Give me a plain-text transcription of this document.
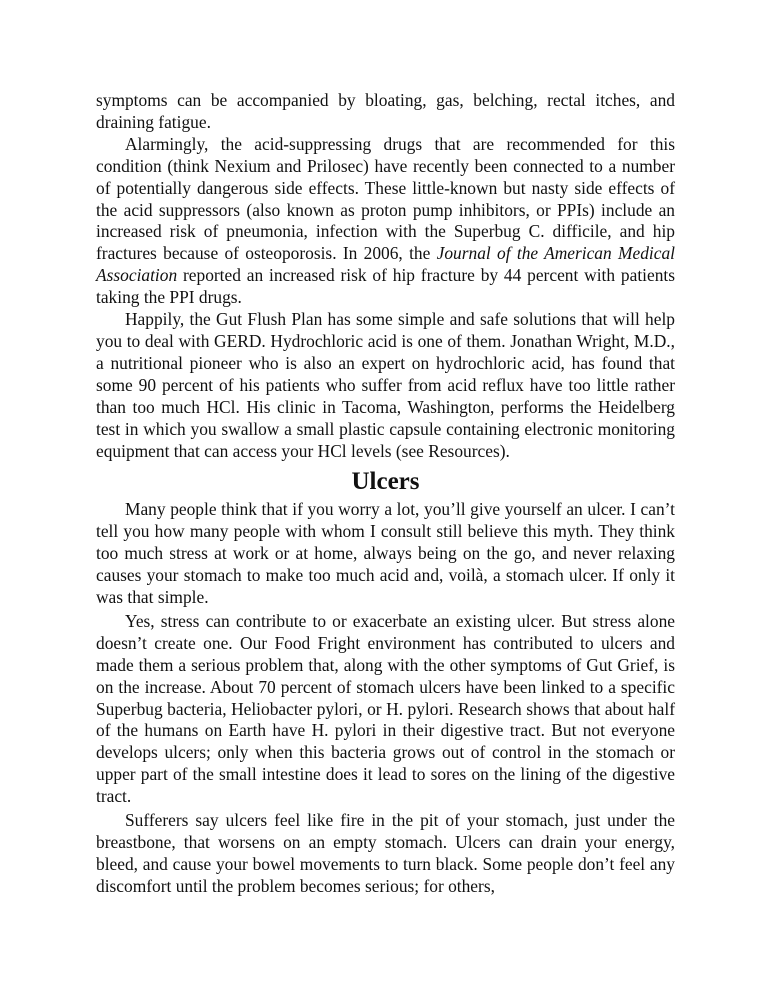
symptoms can be accompanied by bloating, gas, belching, rectal itches, and draining fatigue.

Alarmingly, the acid-suppressing drugs that are recommended for this condition (think Nexium and Prilosec) have recently been connected to a number of potentially dangerous side effects. These little-known but nasty side effects of the acid suppressors (also known as proton pump inhibitors, or PPIs) include an increased risk of pneumonia, infection with the Superbug C. difficile, and hip fractures because of osteoporosis. In 2006, the Journal of the American Medical Association reported an increased risk of hip fracture by 44 percent with patients taking the PPI drugs.

Happily, the Gut Flush Plan has some simple and safe solutions that will help you to deal with GERD. Hydrochloric acid is one of them. Jonathan Wright, M.D., a nutritional pioneer who is also an expert on hydrochloric acid, has found that some 90 percent of his patients who suffer from acid reflux have too little rather than too much HCl. His clinic in Tacoma, Washington, performs the Heidelberg test in which you swallow a small plastic capsule containing electronic monitoring equipment that can access your HCl levels (see Resources).

Ulcers

Many people think that if you worry a lot, you’ll give yourself an ulcer. I can’t tell you how many people with whom I consult still believe this myth. They think too much stress at work or at home, always being on the go, and never relaxing causes your stomach to make too much acid and, voilà, a stomach ulcer. If only it was that simple.

Yes, stress can contribute to or exacerbate an existing ulcer. But stress alone doesn’t create one. Our Food Fright environment has contributed to ulcers and made them a serious problem that, along with the other symptoms of Gut Grief, is on the increase. About 70 percent of stomach ulcers have been linked to a specific Superbug bacteria, Heliobacter pylori, or H. pylori. Research shows that about half of the humans on Earth have H. pylori in their digestive tract. But not everyone develops ulcers; only when this bacteria grows out of control in the stomach or upper part of the small intestine does it lead to sores on the lining of the digestive tract.

Sufferers say ulcers feel like fire in the pit of your stomach, just under the breastbone, that worsens on an empty stomach. Ulcers can drain your energy, bleed, and cause your bowel movements to turn black. Some people don’t feel any discomfort until the problem becomes serious; for others,
